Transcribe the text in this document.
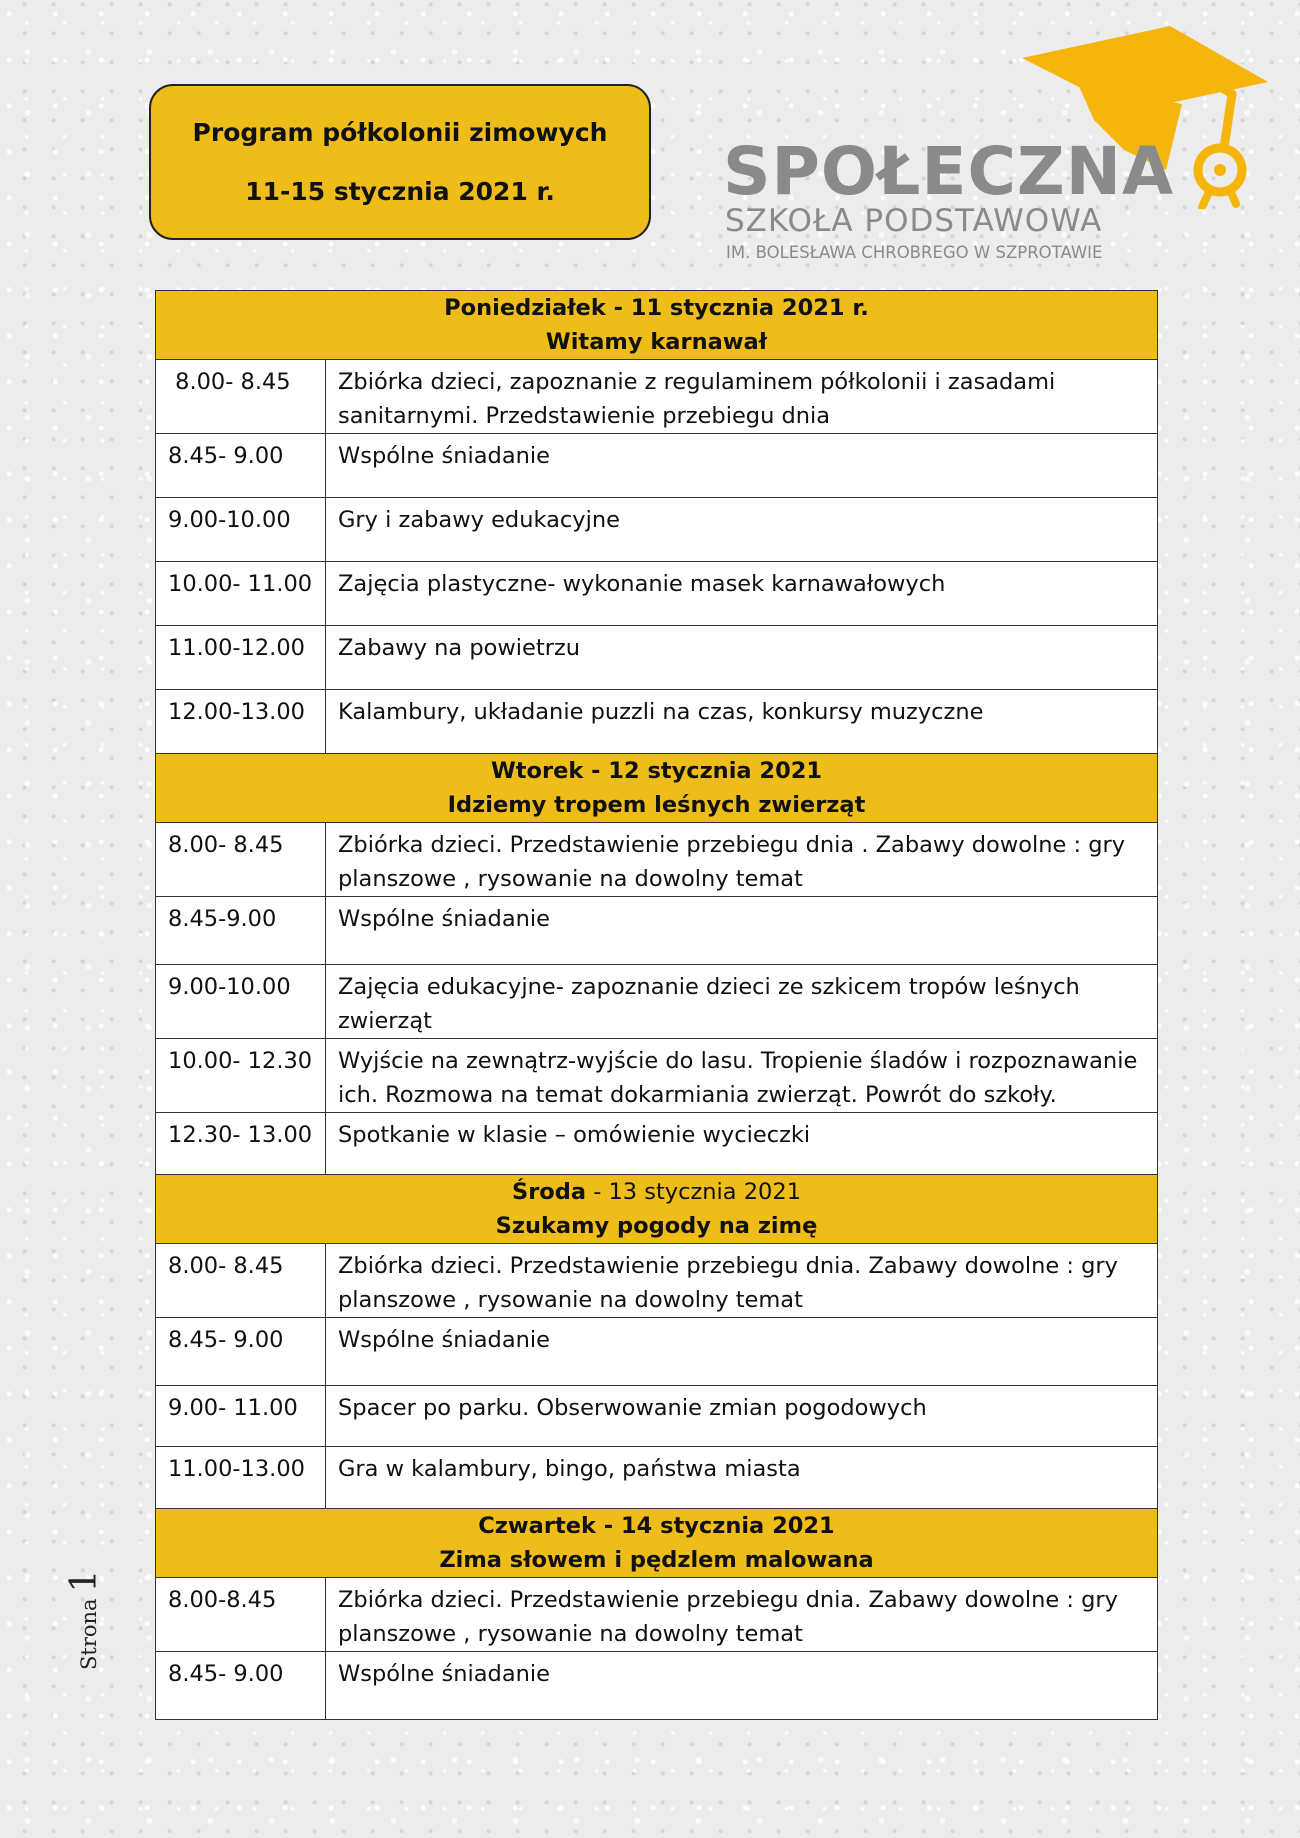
Program półkolonii zimowych
11-15 stycznia 2021 r.	SPOŁECZNA
SZKOŁA PODSTAWOWA
IM. BOLESŁAWA CHROBREGO W SZPROTAWIE
Poniedziałek - 11 stycznia 2021 r.
Witamy karnawał	

8.00- 8.45	Zbiórka dzieci, zapoznanie z regulaminem półkolonii i zasadami sanitarnymi. Przedstawienie przebiegu dnia
8.45- 9.00	Wspólne śniadanie
9.00-10.00	Gry i zabawy edukacyjne
10.00- 11.00	Zajęcia plastyczne- wykonanie masek karnawałowych
11.00-12.00	Zabawy na powietrzu
12.00-13.00	Kalambury, układanie puzzli na czas, konkursy muzyczne

Wtorek - 12 stycznia 2021
Idziemy tropem leśnych zwierząt	

8.00- 8.45	Zbiórka dzieci. Przedstawienie przebiegu dnia . Zabawy dowolne : gry planszowe , rysowanie na dowolny temat
8.45-9.00	Wspólne śniadanie
9.00-10.00	Zajęcia edukacyjne- zapoznanie dzieci ze szkicem tropów leśnych zwierząt
10.00- 12.30	Wyjście na zewnątrz-wyjście do lasu. Tropienie śladów i rozpoznawanie ich. Rozmowa na temat dokarmiania zwierząt. Powrót do szkoły.
12.30- 13.00	Spotkanie w klasie – omówienie wycieczki

Środa - 13 stycznia 2021
Szukamy pogody na zimę	

8.00- 8.45	Zbiórka dzieci. Przedstawienie przebiegu dnia. Zabawy dowolne : gry planszowe , rysowanie na dowolny temat
8.45- 9.00	Wspólne śniadanie
9.00- 11.00	Spacer po parku. Obserwowanie zmian pogodowych
11.00-13.00	Gra w kalambury, bingo, państwa miasta

Czwartek - 14 stycznia 2021
Zima słowem i pędzlem malowana	

8.00-8.45	Zbiórka dzieci. Przedstawienie przebiegu dnia. Zabawy dowolne : gry planszowe , rysowanie na dowolny temat
8.45- 9.00	Wspólne śniadanie
Strona1
